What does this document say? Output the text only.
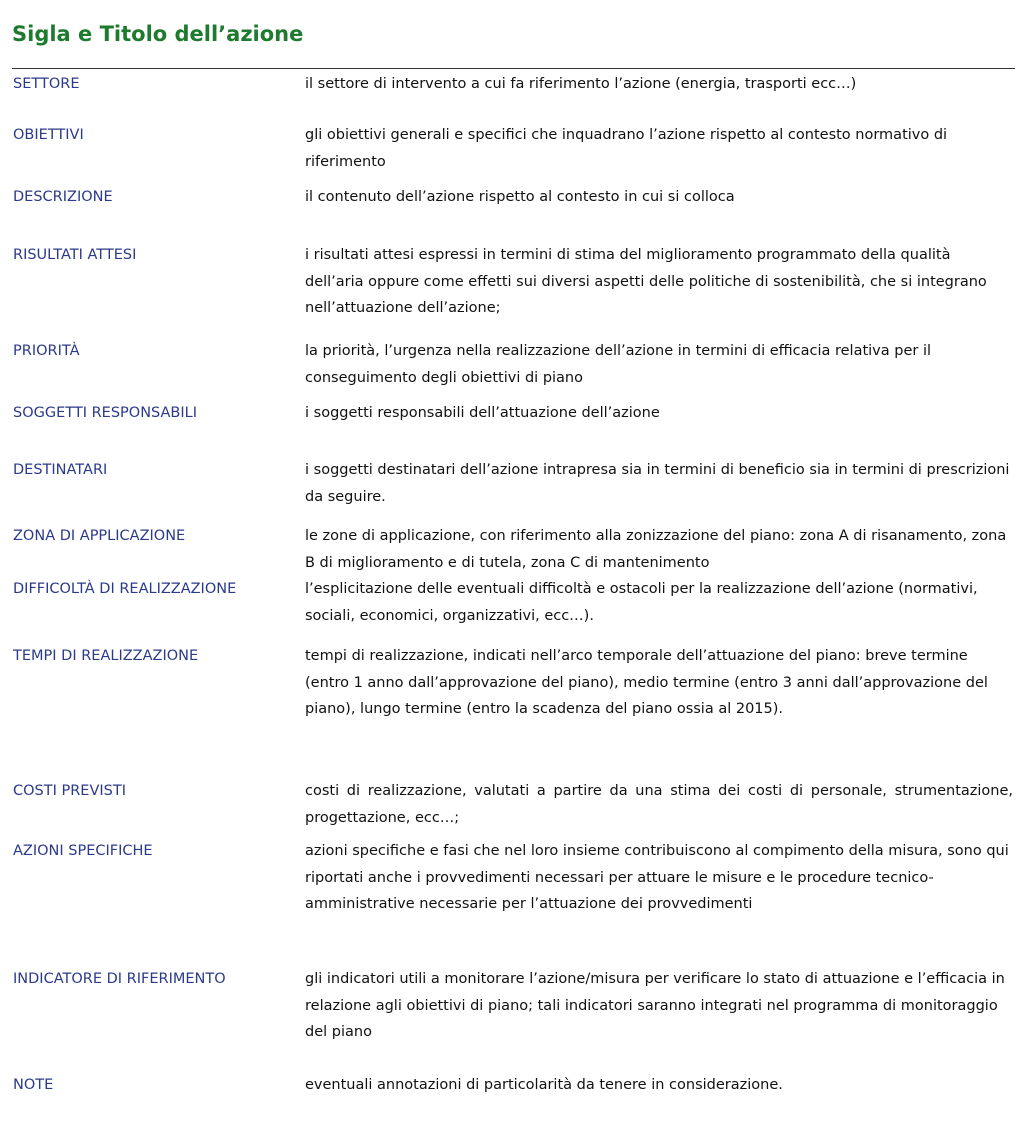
Sigla e Titolo dell’azione
SETTORE	il settore di intervento a cui fa riferimento l’azione (energia, trasporti ecc…)
OBIETTIVI	gli obiettivi generali e specifici che inquadrano l’azione rispetto al contesto normativo di riferimento
DESCRIZIONE	il contenuto dell’azione rispetto al contesto in cui si colloca
RISULTATI ATTESI	i risultati attesi espressi in termini di stima del miglioramento programmato della qualità dell’aria oppure come effetti sui diversi aspetti delle politiche di sostenibilità, che si integrano nell’attuazione dell’azione;
PRIORITÀ	la priorità, l’urgenza nella realizzazione dell’azione in termini di efficacia relativa per il conseguimento degli obiettivi di piano
SOGGETTI RESPONSABILI	i soggetti responsabili dell’attuazione dell’azione
DESTINATARI	i soggetti destinatari dell’azione intrapresa sia in termini di beneficio sia in termini di prescrizioni da seguire.
ZONA DI APPLICAZIONE	le zone di applicazione, con riferimento alla zonizzazione del piano: zona A di risanamento, zona B di miglioramento e di tutela, zona C di mantenimento
DIFFICOLTÀ DI REALIZZAZIONE	l’esplicitazione delle eventuali difficoltà e ostacoli per la realizzazione dell’azione (normativi, sociali, economici, organizzativi, ecc…).
TEMPI DI REALIZZAZIONE	tempi di realizzazione, indicati nell’arco temporale dell’attuazione del piano: breve termine (entro 1 anno dall’approvazione del piano), medio termine (entro 3 anni dall’approvazione del piano), lungo termine (entro la scadenza del piano ossia al 2015).
COSTI PREVISTI	costi di realizzazione, valutati a partire da una stima dei costi di personale, strumentazione, progettazione, ecc…;
AZIONI SPECIFICHE	azioni specifiche e fasi che nel loro insieme contribuiscono al compimento della misura, sono qui riportati anche i provvedimenti necessari per attuare le misure e le procedure tecnico-amministrative necessarie per l’attuazione dei provvedimenti
INDICATORE DI RIFERIMENTO	gli indicatori utili a monitorare l’azione/misura per verificare lo stato di attuazione e l’efficacia in relazione agli obiettivi di piano; tali indicatori saranno integrati nel programma di monitoraggio del piano
NOTE	eventuali annotazioni di particolarità da tenere in considerazione.
